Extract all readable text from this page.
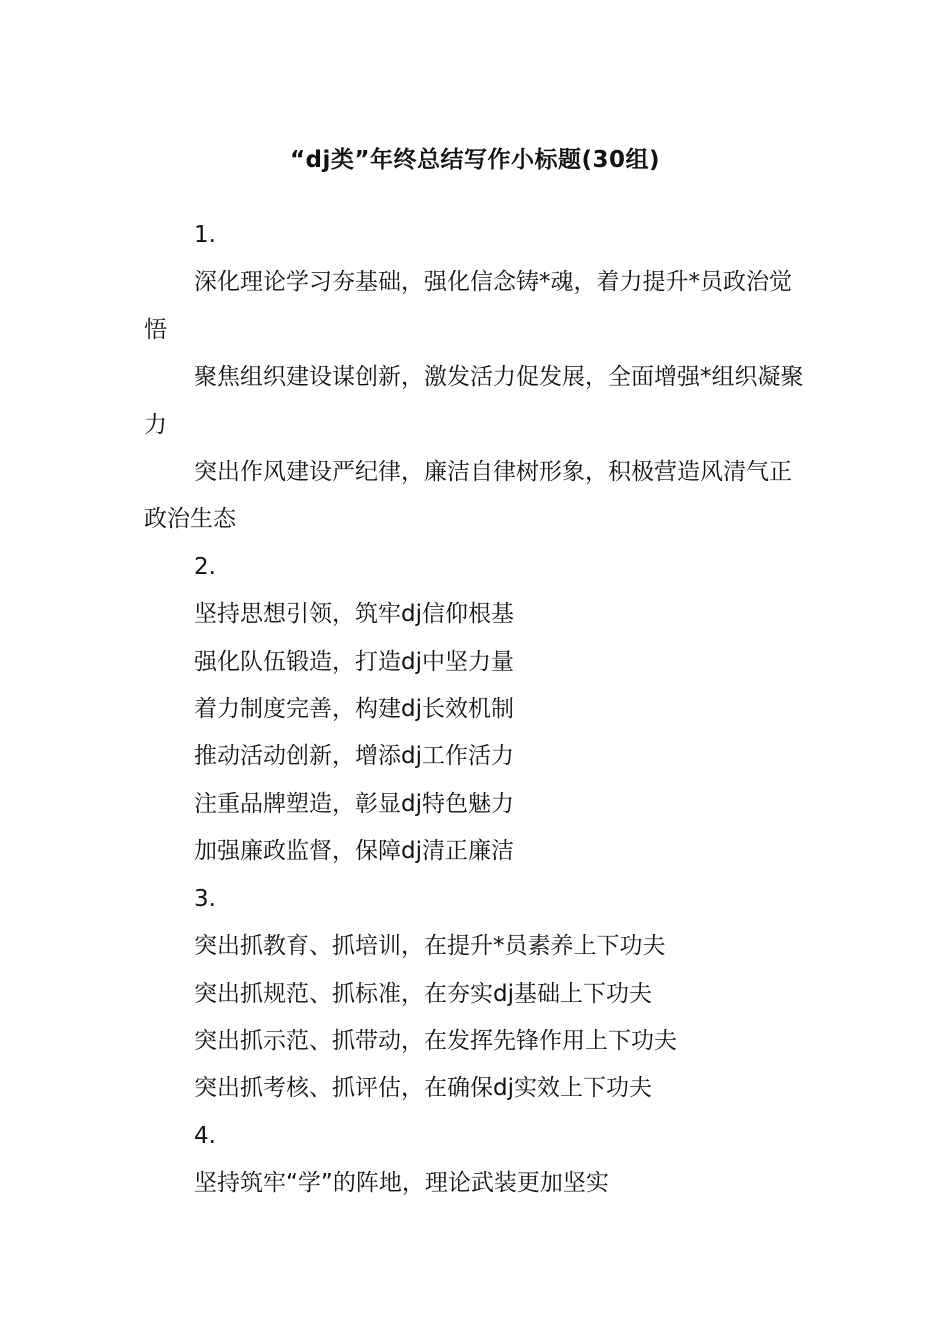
“dj类”年终总结写作小标题(30组)

1.

深化理论学习夯基础，强化信念铸*魂，着力提升*员政治觉悟

聚焦组织建设谋创新，激发活力促发展，全面增强*组织凝聚力

突出作风建设严纪律，廉洁自律树形象，积极营造风清气正政治生态

2.

坚持思想引领，筑牢dj信仰根基

强化队伍锻造，打造dj中坚力量

着力制度完善，构建dj长效机制

推动活动创新，增添dj工作活力

注重品牌塑造，彰显dj特色魅力

加强廉政监督，保障dj清正廉洁

3.

突出抓教育、抓培训，在提升*员素养上下功夫

突出抓规范、抓标准，在夯实dj基础上下功夫

突出抓示范、抓带动，在发挥先锋作用上下功夫

突出抓考核、抓评估，在确保dj实效上下功夫

4.

坚持筑牢“学”的阵地，理论武装更加坚实
